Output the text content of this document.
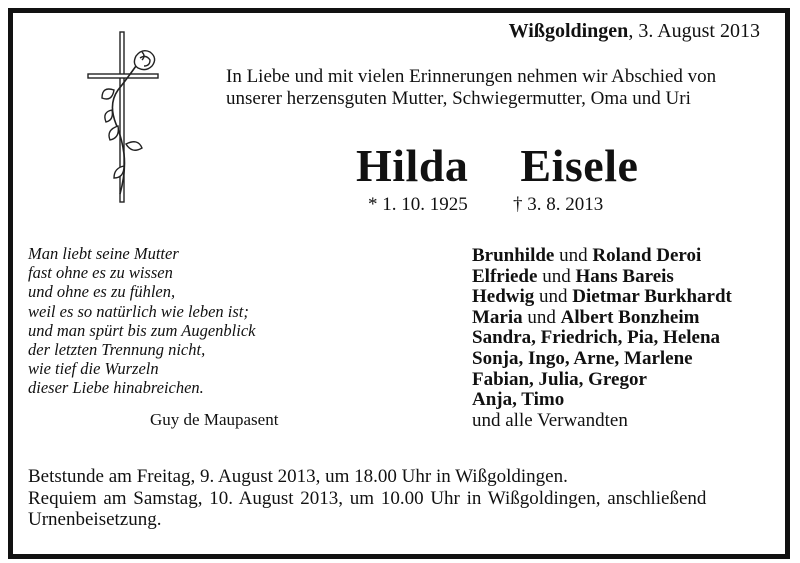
Wißgoldingen, 3. August 2013
In Liebe und mit vielen Erinnerungen nehmen wir Abschied von
unserer herzensguten Mutter, Schwiegermutter, Oma und Uri
Hilda  Eisele
* 1. 10. 1925 † 3. 8. 2013
Man liebt seine Mutter
fast ohne es zu wissen
und ohne es zu fühlen,
weil es so natürlich wie leben ist;
und man spürt bis zum Augenblick
der letzten Trennung nicht,
wie tief die Wurzeln
dieser Liebe hinabreichen.
Guy de Maupasent
Brunhilde und Roland Deroi
Elfriede und Hans Bareis
Hedwig und Dietmar Burkhardt
Maria und Albert Bonzheim
Sandra, Friedrich, Pia, Helena
Sonja, Ingo, Arne, Marlene
Fabian, Julia, Gregor
Anja, Timo
und alle Verwandten
Betstunde am Freitag, 9. August 2013, um 18.00 Uhr in Wißgoldingen.
Requiem am Samstag, 10. August 2013, um 10.00 Uhr in Wißgoldingen, anschließend
Urnenbeisetzung.
